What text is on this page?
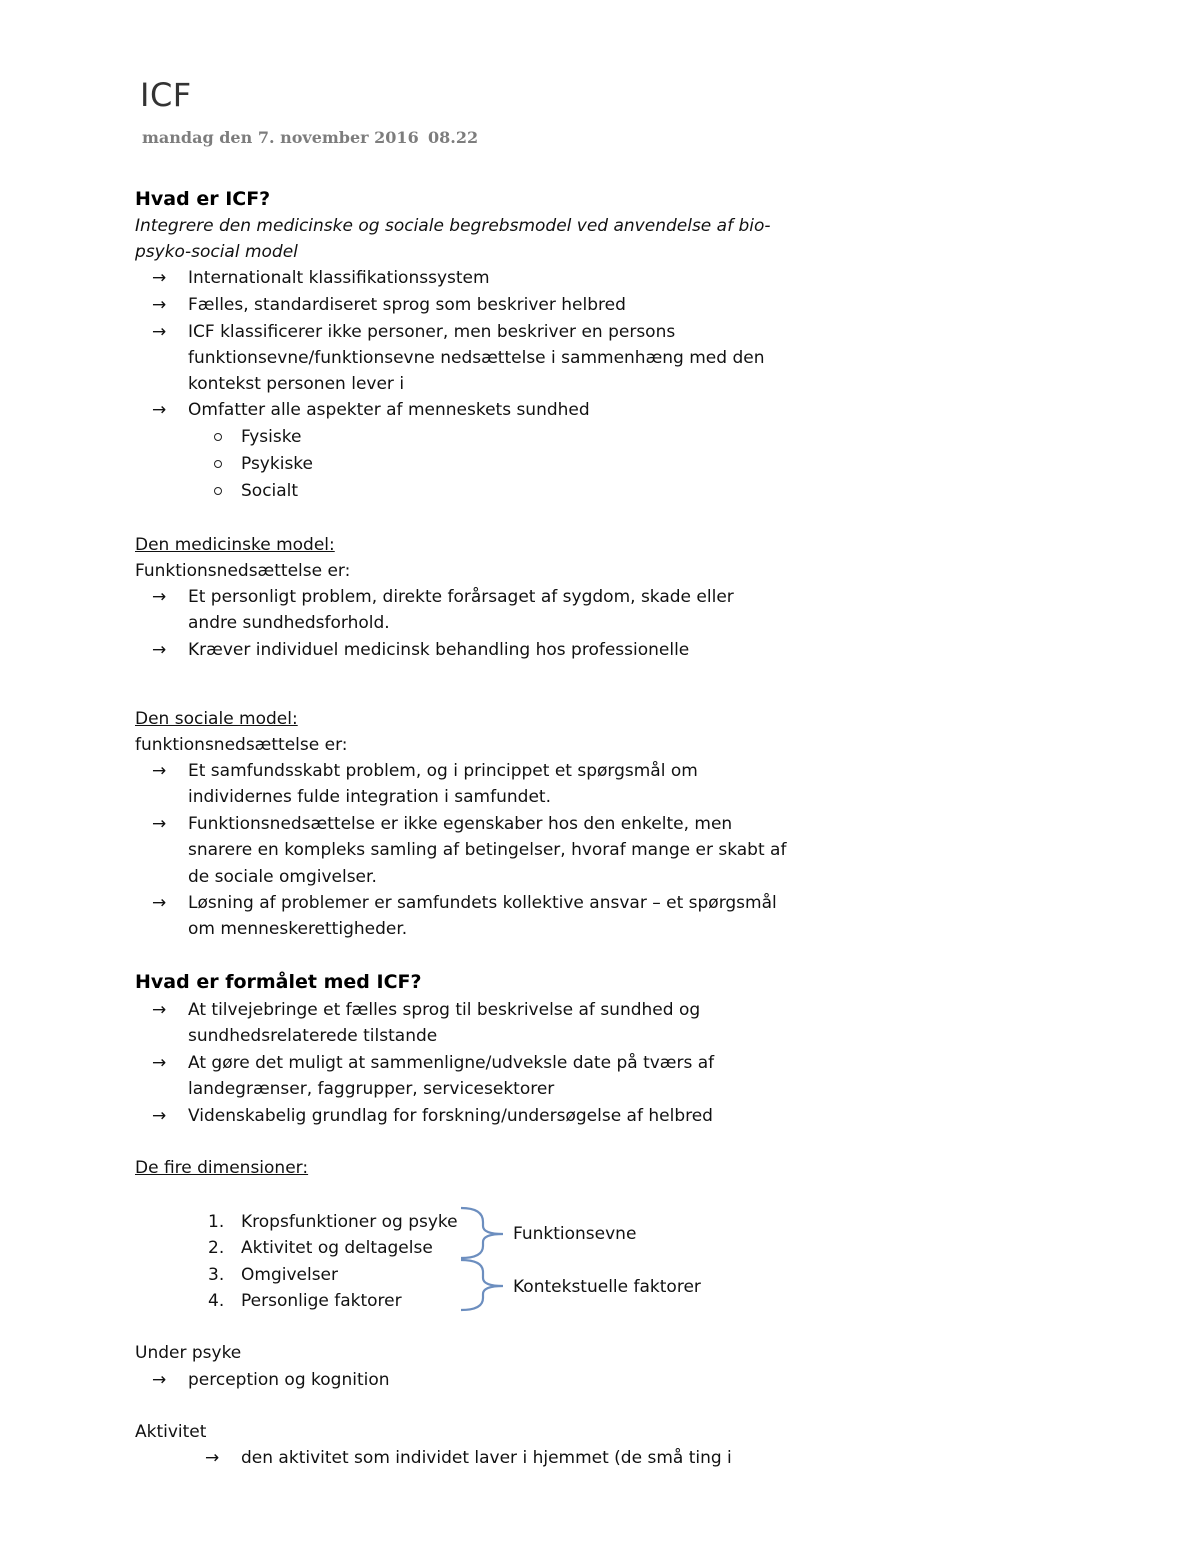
ICF
mandag den 7. november 2016 08.22
Hvad er ICF?
Integrere den medicinske og sociale begrebsmodel ved anvendelse af bio-
psyko-social model
→ Internationalt klassifikationssystem
→ Fælles, standardiseret sprog som beskriver helbred
→ ICF klassificerer ikke personer, men beskriver en persons
funktionsevne/funktionsevne nedsættelse i sammenhæng med den
kontekst personen lever i
→ Omfatter alle aspekter af menneskets sundhed
Fysiske
Psykiske
Socialt
Den medicinske model:
Funktionsnedsættelse er:
→ Et personligt problem, direkte forårsaget af sygdom, skade eller
andre sundhedsforhold.
→ Kræver individuel medicinsk behandling hos professionelle
Den sociale model:
funktionsnedsættelse er:
→ Et samfundsskabt problem, og i princippet et spørgsmål om
individernes fulde integration i samfundet.
→ Funktionsnedsættelse er ikke egenskaber hos den enkelte, men
snarere en kompleks samling af betingelser, hvoraf mange er skabt af
de sociale omgivelser.
→ Løsning af problemer er samfundets kollektive ansvar – et spørgsmål
om menneskerettigheder.
Hvad er formålet med ICF?
→ At tilvejebringe et fælles sprog til beskrivelse af sundhed og
sundhedsrelaterede tilstande
→ At gøre det muligt at sammenligne/udveksle date på tværs af
landegrænser, faggrupper, servicesektorer
→ Videnskabelig grundlag for forskning/undersøgelse af helbred
De fire dimensioner:
1. Kropsfunktioner og psyke
2. Aktivitet og deltagelse
3. Omgivelser
4. Personlige faktorer
Funktionsevne
Kontekstuelle faktorer
Under psyke
→ perception og kognition
Aktivitet
→ den aktivitet som individet laver i hjemmet (de små ting i
